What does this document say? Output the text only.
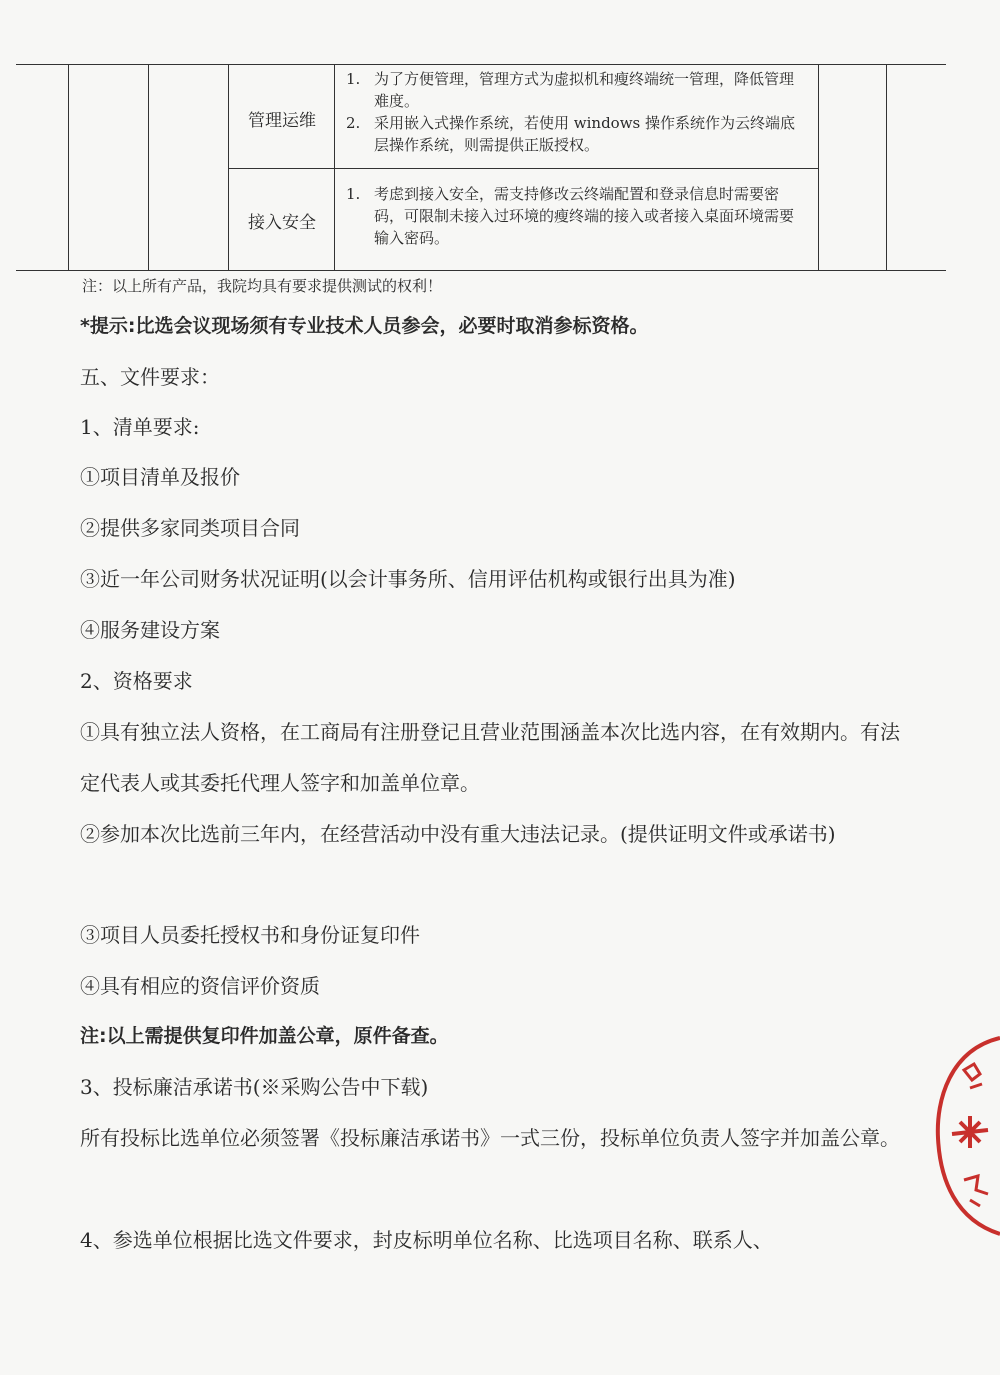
管理运维
1. 为了方便管理，管理方式为虚拟机和瘦终端统一管理，降低管理难度。
2. 采用嵌入式操作系统，若使用 windows 操作系统作为云终端底层操作系统，则需提供正版授权。
接入安全
1. 考虑到接入安全，需支持修改云终端配置和登录信息时需要密码，可限制未接入过环境的瘦终端的接入或者接入桌面环境需要输入密码。
注：以上所有产品，我院均具有要求提供测试的权利！

*提示:比选会议现场须有专业技术人员参会，必要时取消参标资格。

五、文件要求：

1、清单要求:

①项目清单及报价

②提供多家同类项目合同

③近一年公司财务状况证明(以会计事务所、信用评估机构或银行出具为准)

④服务建设方案

2、资格要求

①具有独立法人资格，在工商局有注册登记且营业范围涵盖本次比选内容，在有效期内。有法定代表人或其委托代理人签字和加盖单位章。

②参加本次比选前三年内，在经营活动中没有重大违法记录。(提供证明文件或承诺书)

③项目人员委托授权书和身份证复印件

④具有相应的资信评价资质

注:以上需提供复印件加盖公章，原件备查。

3、投标廉洁承诺书(※采购公告中下载)

所有投标比选单位必须签署《投标廉洁承诺书》一式三份，投标单位负责人签字并加盖公章。

4、参选单位根据比选文件要求，封皮标明单位名称、比选项目名称、联系人、
